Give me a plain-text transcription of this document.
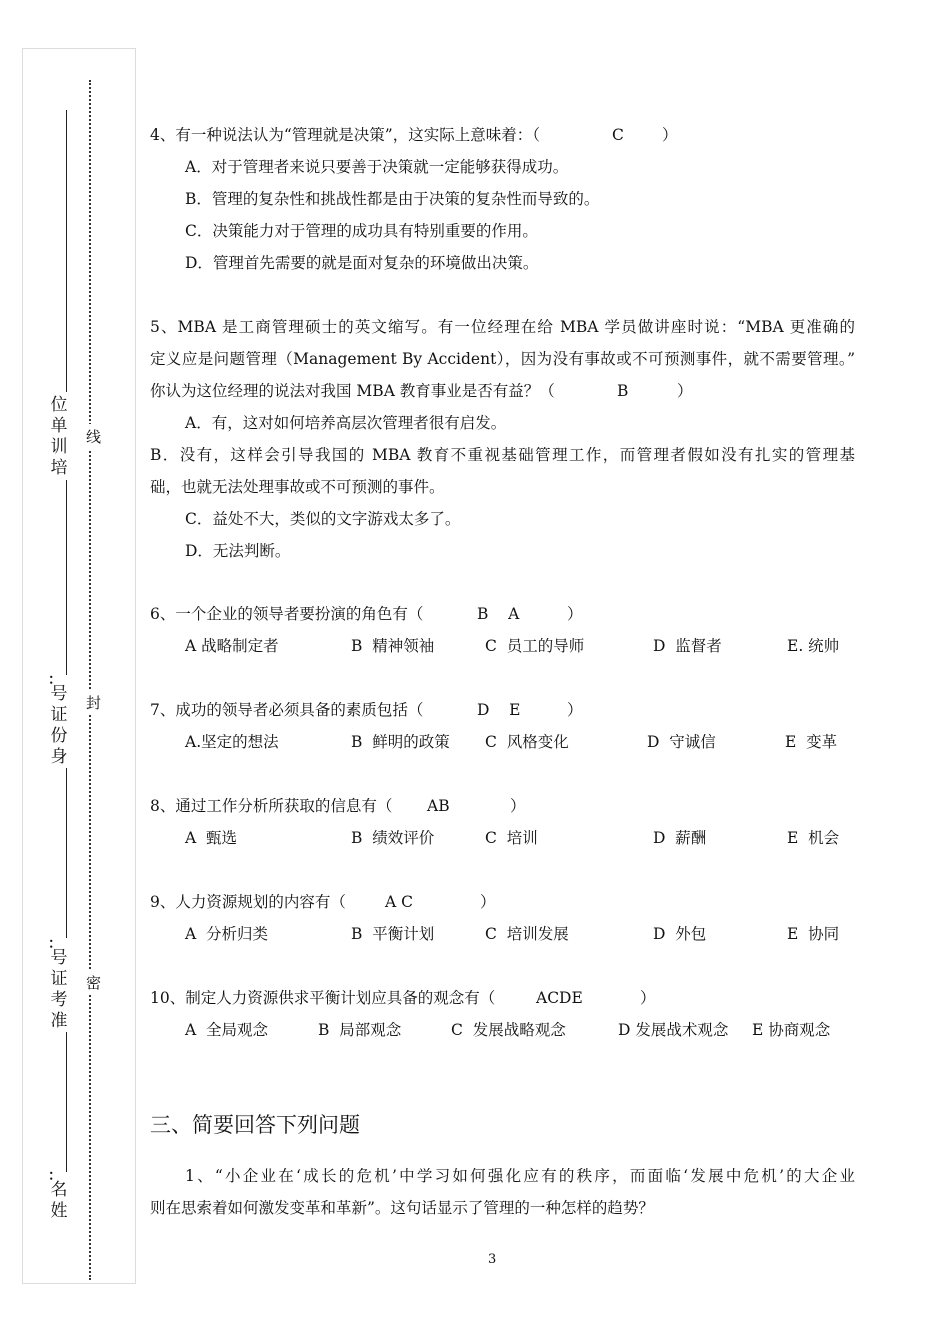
位
单
训
培
：
号
证
份
身
：
号
证
考
准
：
名
姓
线
封
密
4、有一种说法认为“管理就是决策”，这实际上意味着：（	C ）
A．对于管理者来说只要善于决策就一定能够获得成功。
B．管理的复杂性和挑战性都是由于决策的复杂性而导致的。
C．决策能力对于管理的成功具有特别重要的作用。
D．管理首先需要的就是面对复杂的环境做出决策。
5、MBA 是工商管理硕士的英文缩写。有一位经理在给 MBA 学员做讲座时说：“MBA 更准确的
定义应是问题管理（Management By Accident），因为没有事故或不可预测事件，就不需要管理。”
你认为这位经理的说法对我国 MBA 教育事业是否有益？（	B	）
A．有，这对如何培养高层次管理者很有启发。
B．没有，这样会引导我国的 MBA 教育不重视基础管理工作，而管理者假如没有扎实的管理基
础，也就无法处理事故或不可预测的事件。
C．益处不大，类似的文字游戏太多了。
D．无法判断。
6、一个企业的领导者要扮演的角色有（	B    A	）
A 战略制定者	B  精神领袖	C  员工的导师	D  监督者	E. 统帅
7、成功的领导者必须具备的素质包括（	D    E	）
A.坚定的想法	B  鲜明的政策 C  风格变化	D  守诚信	E  变革
8、通过工作分析所获取的信息有（ AB	）
A  甄选	B  绩效评价	C  培训	D  薪酬	E  机会
9、人力资源规划的内容有（	A C	）
A  分析归类	B  平衡计划	C  培训发展	D  外包	E  协同
10、制定人力资源供求平衡计划应具备的观念有（	ACDE	）
A  全局观念	B  局部观念	C  发展战略观念	D 发展战术观念 E 协商观念
三、简要回答下列问题
1、“小企业在‘成长的危机’中学习如何强化应有的秩序，而面临‘发展中危机’的大企业
则在思索着如何激发变革和革新”。这句话显示了管理的一种怎样的趋势？
3
